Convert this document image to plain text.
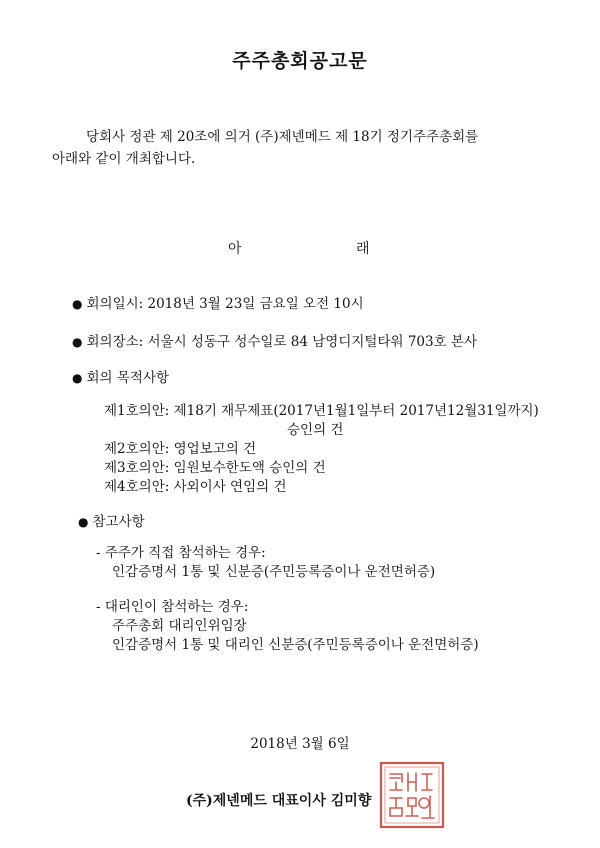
주주총회공고문
당회사 정관 제 20조에 의거 (주)제넨메드 제 18기 정기주주총회를
아래와 같이 개최합니다.
아	래
● 회의일시: 2018년 3월 23일 금요일 오전 10시
● 회의장소: 서울시 성동구 성수일로 84 남영디지털타워 703호 본사
● 회의 목적사항
제1호의안: 제18기 재무제표(2017년1월1일부터 2017년12월31일까지)
승인의 건
제2호의안: 영업보고의 건
제3호의안: 임원보수한도액 승인의 건
제4호의안: 사외이사 연임의 건
● 참고사항
- 주주가 직접 참석하는 경우:
인감증명서 1통 및 신분증(주민등록증이나 운전면허증)
- 대리인이 참석하는 경우:
주주총회 대리인위임장
인감증명서 1통 및 대리인 신분증(주민등록증이나 운전면허증)
2018년 3월 6일
(주)제넨메드 대표이사 김미향
